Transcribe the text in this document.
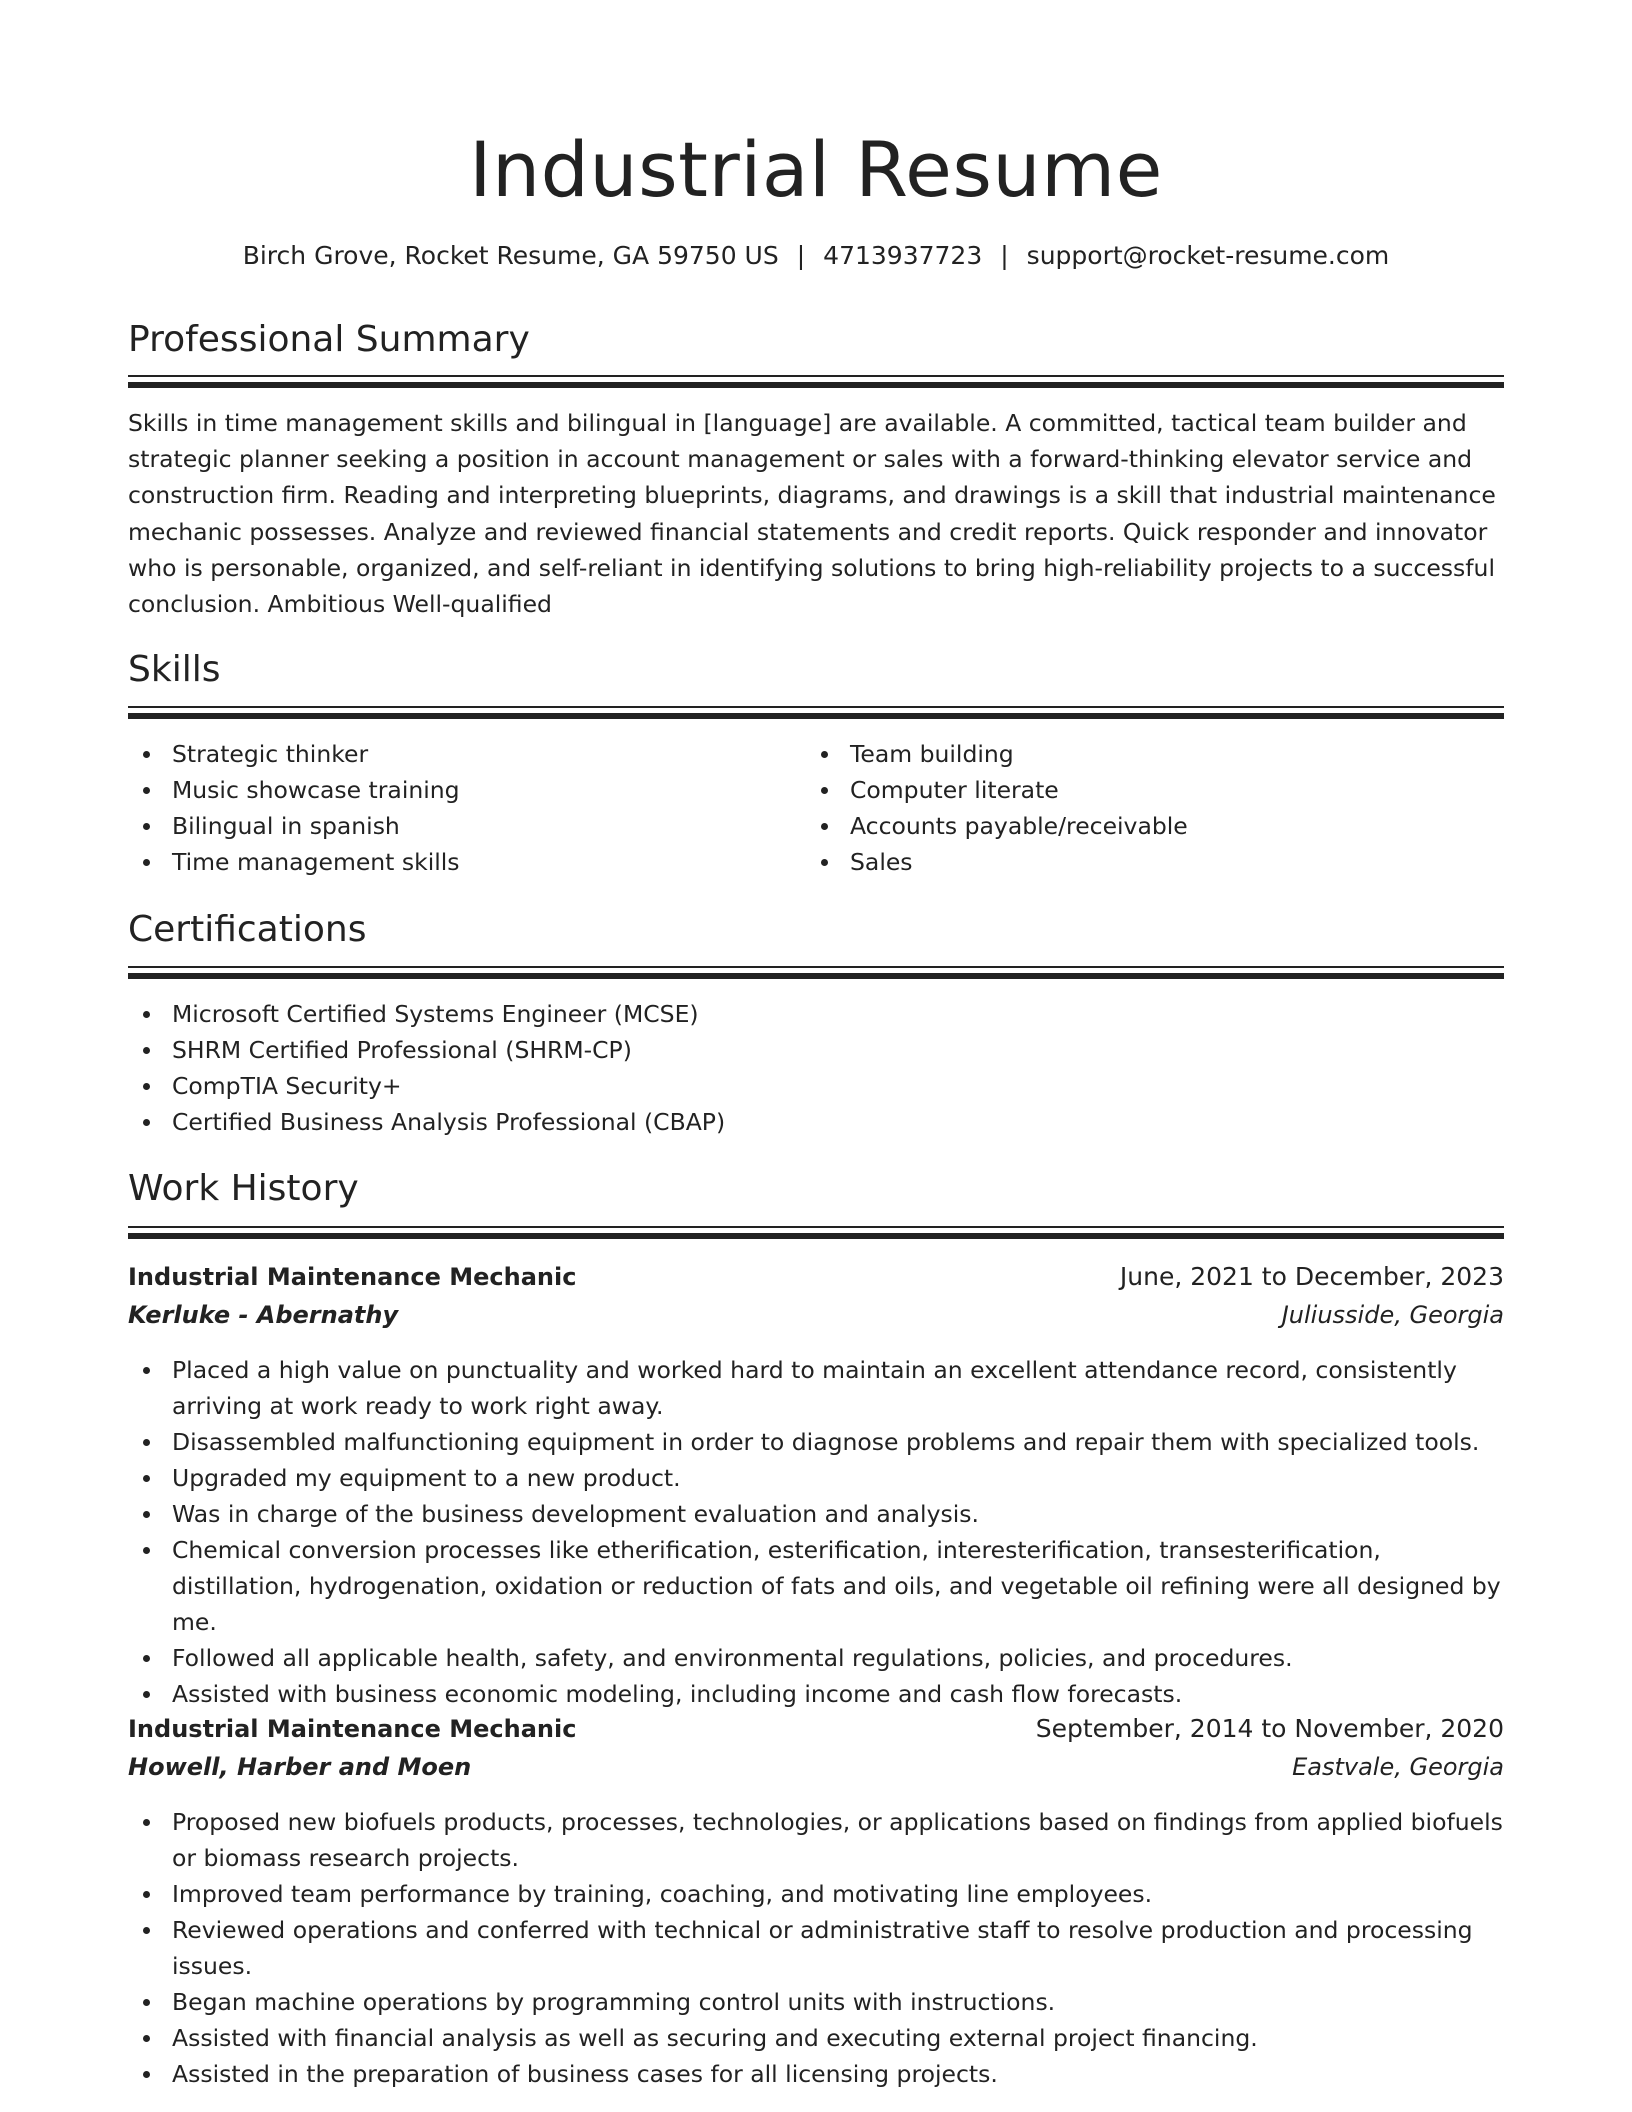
Industrial Resume
Birch Grove, Rocket Resume, GA 59750 US | 4713937723 | support@rocket-resume.com
Professional Summary

Skills in time management skills and bilingual in [language] are available. A committed, tactical team builder and strategic planner seeking a position in account management or sales with a forward-thinking elevator service and construction firm. Reading and interpreting blueprints, diagrams, and drawings is a skill that industrial maintenance mechanic possesses. Analyze and reviewed financial statements and credit reports. Quick responder and innovator who is personable, organized, and self-reliant in identifying solutions to bring high-reliability projects to a successful conclusion. Ambitious Well-qualified

Skills
Strategic thinker
Music showcase training
Bilingual in spanish
Time management skills
Team building
Computer literate
Accounts payable/receivable
Sales
Certifications
Microsoft Certified Systems Engineer (MCSE)
SHRM Certified Professional (SHRM-CP)
CompTIA Security+
Certified Business Analysis Professional (CBAP)
Work History
Industrial Maintenance Mechanic	June, 2021 to December, 2023
Kerluke - Abernathy	Juliusside, Georgia
Placed a high value on punctuality and worked hard to maintain an excellent attendance record, consistently arriving at work ready to work right away.
Disassembled malfunctioning equipment in order to diagnose problems and repair them with specialized tools.
Upgraded my equipment to a new product.
Was in charge of the business development evaluation and analysis.
Chemical conversion processes like etherification, esterification, interesterification, transesterification, distillation, hydrogenation, oxidation or reduction of fats and oils, and vegetable oil refining were all designed by me.
Followed all applicable health, safety, and environmental regulations, policies, and procedures.
Assisted with business economic modeling, including income and cash flow forecasts.
Industrial Maintenance Mechanic	September, 2014 to November, 2020
Howell, Harber and Moen	Eastvale, Georgia
Proposed new biofuels products, processes, technologies, or applications based on findings from applied biofuels or biomass research projects.
Improved team performance by training, coaching, and motivating line employees.
Reviewed operations and conferred with technical or administrative staff to resolve production and processing issues.
Began machine operations by programming control units with instructions.
Assisted with financial analysis as well as securing and executing external project financing.
Assisted in the preparation of business cases for all licensing projects.
